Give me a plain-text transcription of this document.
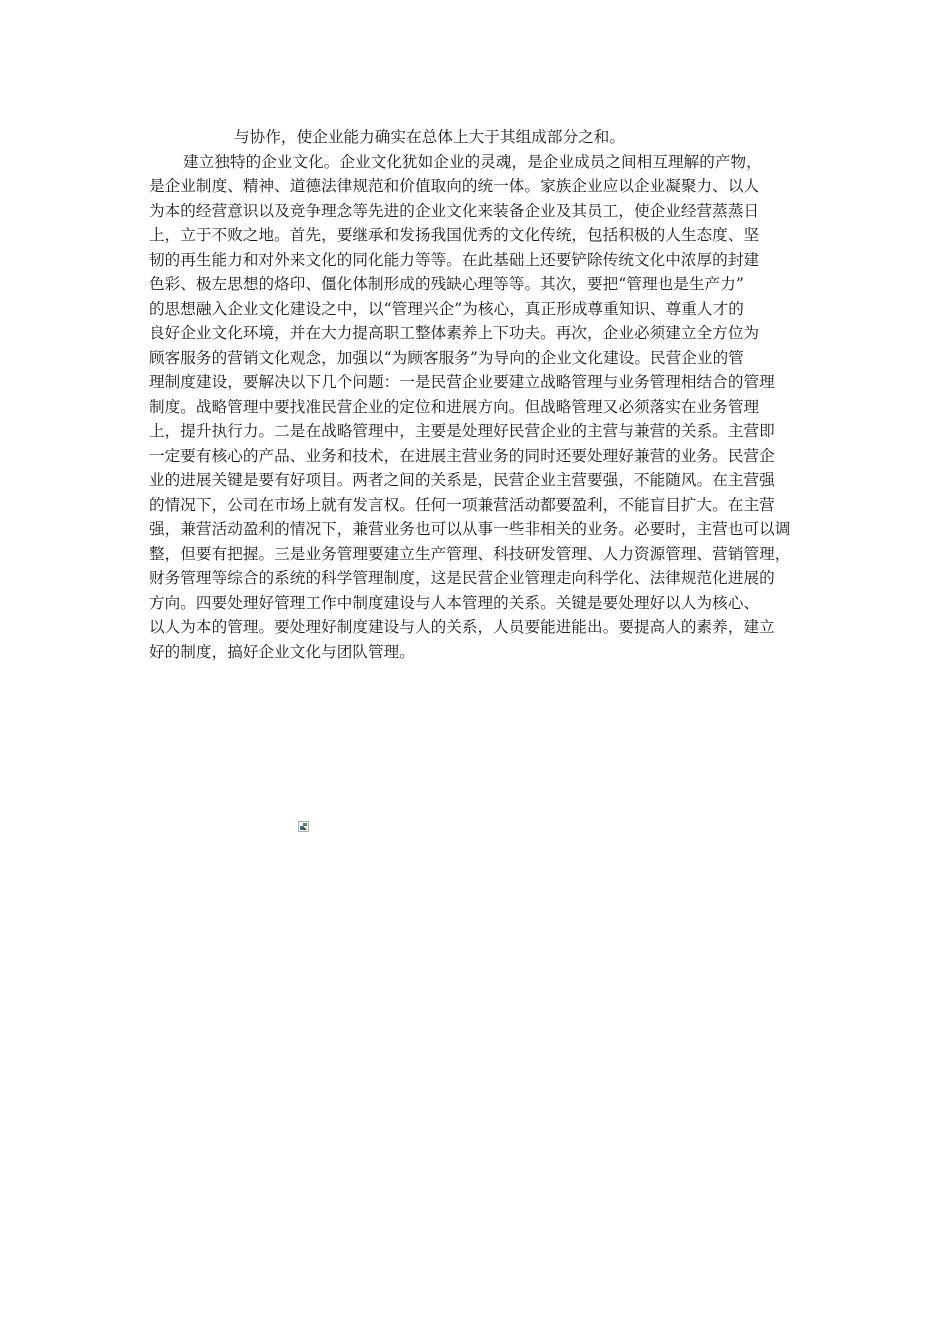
与协作，使企业能力确实在总体上大于其组成部分之和。
建立独特的企业文化。企业文化犹如企业的灵魂，是企业成员之间相互理解的产物，
是企业制度、精神、道德法律规范和价值取向的统一体。家族企业应以企业凝聚力、以人
为本的经营意识以及竞争理念等先进的企业文化来装备企业及其员工，使企业经营蒸蒸日
上，立于不败之地。首先，要继承和发扬我国优秀的文化传统，包括积极的人生态度、坚
韧的再生能力和对外来文化的同化能力等等。在此基础上还要铲除传统文化中浓厚的封建
色彩、极左思想的烙印、僵化体制形成的残缺心理等等。其次，要把“管理也是生产力”
的思想融入企业文化建设之中，以“管理兴企”为核心，真正形成尊重知识、尊重人才的
良好企业文化环境，并在大力提高职工整体素养上下功夫。再次，企业必须建立全方位为
顾客服务的营销文化观念，加强以“为顾客服务”为导向的企业文化建设。民营企业的管
理制度建设，要解决以下几个问题：一是民营企业要建立战略管理与业务管理相结合的管理
制度。战略管理中要找准民营企业的定位和进展方向。但战略管理又必须落实在业务管理
上，提升执行力。二是在战略管理中，主要是处理好民营企业的主营与兼营的关系。主营即
一定要有核心的产品、业务和技术，在进展主营业务的同时还要处理好兼营的业务。民营企
业的进展关键是要有好项目。两者之间的关系是，民营企业主营要强，不能随风。在主营强
的情况下，公司在市场上就有发言权。任何一项兼营活动都要盈利，不能盲目扩大。在主营
强，兼营活动盈利的情况下，兼营业务也可以从事一些非相关的业务。必要时，主营也可以调
整，但要有把握。三是业务管理要建立生产管理、科技研发管理、人力资源管理、营销管理，
财务管理等综合的系统的科学管理制度，这是民营企业管理走向科学化、法律规范化进展的
方向。四要处理好管理工作中制度建设与人本管理的关系。关键是要处理好以人为核心、
以人为本的管理。要处理好制度建设与人的关系，人员要能进能出。要提高人的素养，建立
好的制度，搞好企业文化与团队管理。
